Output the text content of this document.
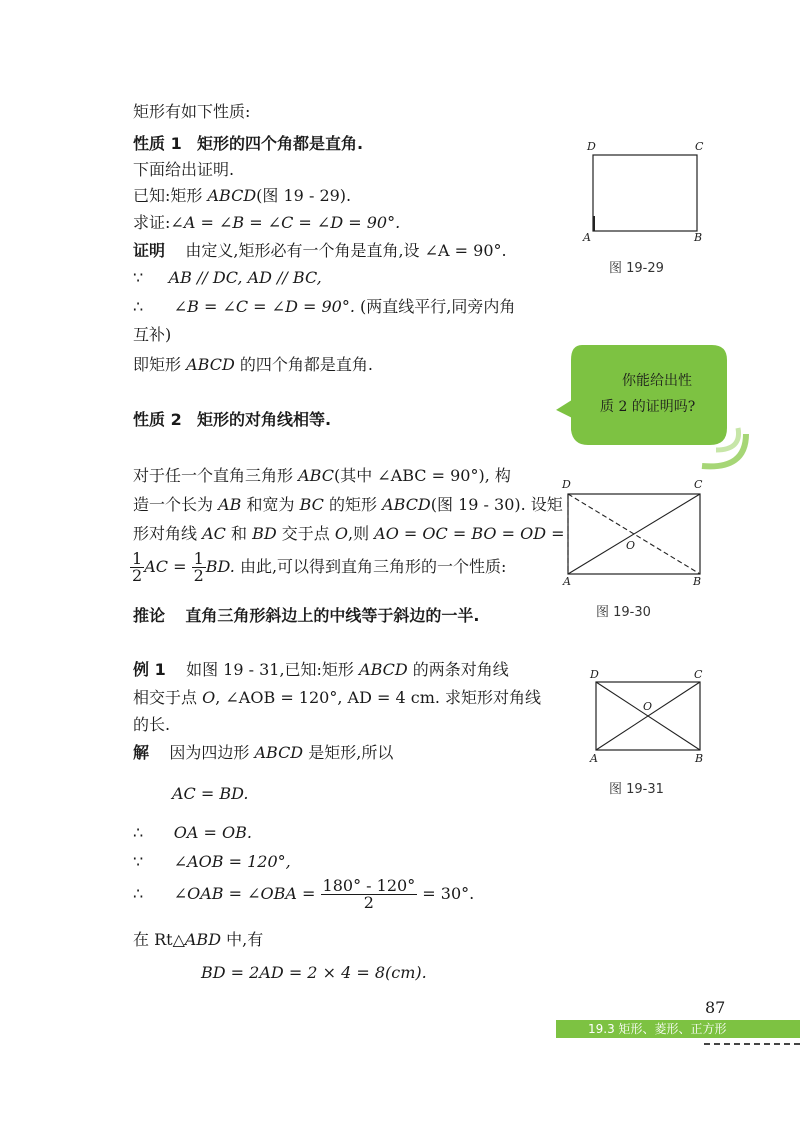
矩形有如下性质:
性质 1 矩形的四个角都是直角.
下面给出证明.
已知:矩形 ABCD(图 19 - 29).
求证:∠A = ∠B = ∠C = ∠D = 90°.
证明 由定义,矩形必有一个角是直角,设 ∠A = 90°.
∵ AB // DC, AD // BC,
∴ ∠B = ∠C = ∠D = 90°. (两直线平行,同旁内角
互补)
即矩形 ABCD 的四个角都是直角.
性质 2 矩形的对角线相等.
对于任一个直角三角形 ABC(其中 ∠ABC = 90°), 构
造一个长为 AB 和宽为 BC 的矩形 ABCD(图 19 - 30). 设矩
形对角线 AC 和 BD 交于点 O,则 AO = OC = BO = OD =
$\frac{1}{2}$ AC = $\frac{1}{2}$ BD. 由此,可以得到直角三角形的一个性质:
推论 直角三角形斜边上的中线等于斜边的一半.
例 1 如图 19 - 31,已知:矩形 ABCD 的两条对角线
相交于点 O, ∠AOB = 120°, AD = 4 cm. 求矩形对角线
的长.
解 因为四边形 ABCD 是矩形,所以
AC = BD.
∴ OA = OB.
∵ ∠AOB = 120°,
∴ ∠OAB = ∠OBA = $\frac{180^\circ - 120^\circ}{2} = 30^\circ$.
在 Rt△ABD 中,有
BD = 2AD = 2 × 4 = 8(cm).
D	C
A	B
图 19-29
你能给出性
质 2 的证明吗?
D	C
A	B
O
图 19-30
D	C
A	B
O
图 19-31
87
19.3 矩形、菱形、正方形
